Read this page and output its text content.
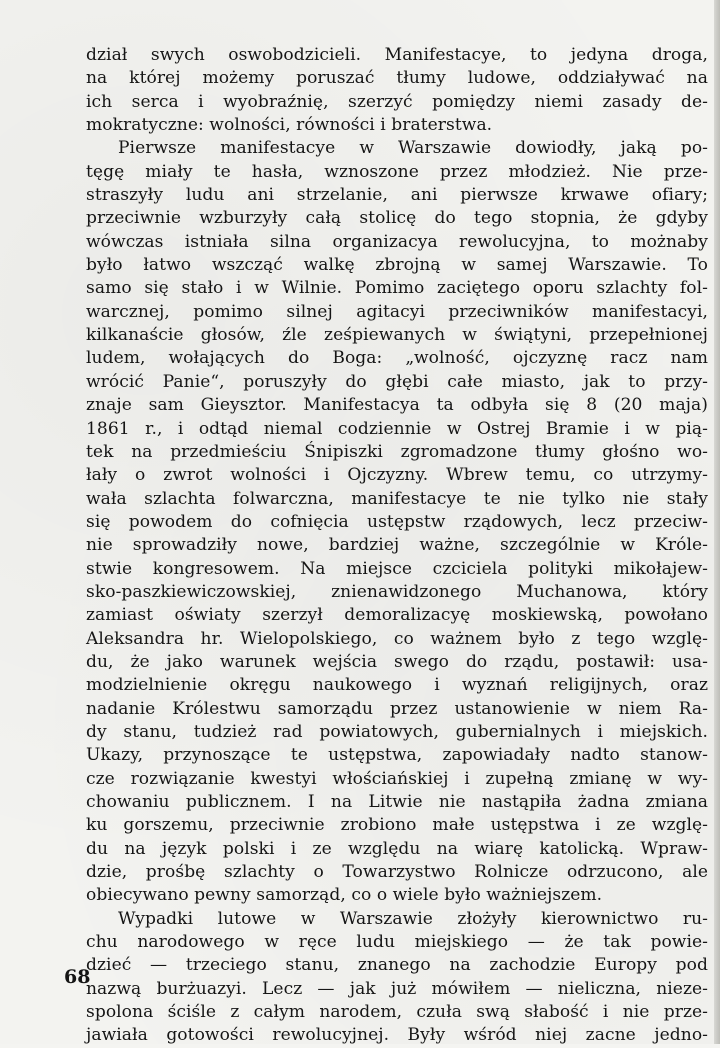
dział swych oswobodzicieli. Manifestacye, to jedyna droga,
na której możemy poruszać tłumy ludowe, oddziaływać na
ich serca i wyobraźnię, szerzyć pomiędzy niemi zasady de-
mokratyczne: wolności, równości i braterstwa.
Pierwsze manifestacye w Warszawie dowiodły, jaką po-
tęgę miały te hasła, wznoszone przez młodzież. Nie prze-
straszyły ludu ani strzelanie, ani pierwsze krwawe ofiary;
przeciwnie wzburzyły całą stolicę do tego stopnia, że gdyby
wówczas istniała silna organizacya rewolucyjna, to możnaby
było łatwo wszcząć walkę zbrojną w samej Warszawie. To
samo się stało i w Wilnie. Pomimo zaciętego oporu szlachty fol-
warcznej, pomimo silnej agitacyi przeciwników manifestacyi,
kilkanaście głosów, źle ześpiewanych w świątyni, przepełnionej
ludem, wołających do Boga: „wolność, ojczyznę racz nam
wrócić Panie“, poruszyły do głębi całe miasto, jak to przy-
znaje sam Gieysztor. Manifestacya ta odbyła się 8 (20 maja)
1861 r., i odtąd niemal codziennie w Ostrej Bramie i w pią-
tek na przedmieściu Śnipiszki zgromadzone tłumy głośno wo-
łały o zwrot wolności i Ojczyzny. Wbrew temu, co utrzymy-
wała szlachta folwarczna, manifestacye te nie tylko nie stały
się powodem do cofnięcia ustępstw rządowych, lecz przeciw-
nie sprowadziły nowe, bardziej ważne, szczególnie w Króle-
stwie kongresowem. Na miejsce czciciela polityki mikołajew-
sko-paszkiewiczowskiej, znienawidzonego Muchanowa, który
zamiast oświaty szerzył demoralizacyę moskiewską, powołano
Aleksandra hr. Wielopolskiego, co ważnem było z tego wzglę-
du, że jako warunek wejścia swego do rządu, postawił: usa-
modzielnienie okręgu naukowego i wyznań religijnych, oraz
nadanie Królestwu samorządu przez ustanowienie w niem Ra-
dy stanu, tudzież rad powiatowych, gubernialnych i miejskich.
Ukazy, przynoszące te ustępstwa, zapowiadały nadto stanow-
cze rozwiązanie kwestyi włościańskiej i zupełną zmianę w wy-
chowaniu publicznem. I na Litwie nie nastąpiła żadna zmiana
ku gorszemu, przeciwnie zrobiono małe ustępstwa i ze wzglę-
du na język polski i ze względu na wiarę katolicką. Wpraw-
dzie, prośbę szlachty o Towarzystwo Rolnicze odrzucono, ale
obiecywano pewny samorząd, co o wiele było ważniejszem.
Wypadki lutowe w Warszawie złożyły kierownictwo ru-
chu narodowego w ręce ludu miejskiego — że tak powie-
dzieć — trzeciego stanu, znanego na zachodzie Europy pod
nazwą burżuazyi. Lecz — jak już mówiłem — nieliczna, nieze-
spolona ściśle z całym narodem, czuła swą słabość i nie prze-
jawiała gotowości rewolucyjnej. Były wśród niej zacne jedno-
68
